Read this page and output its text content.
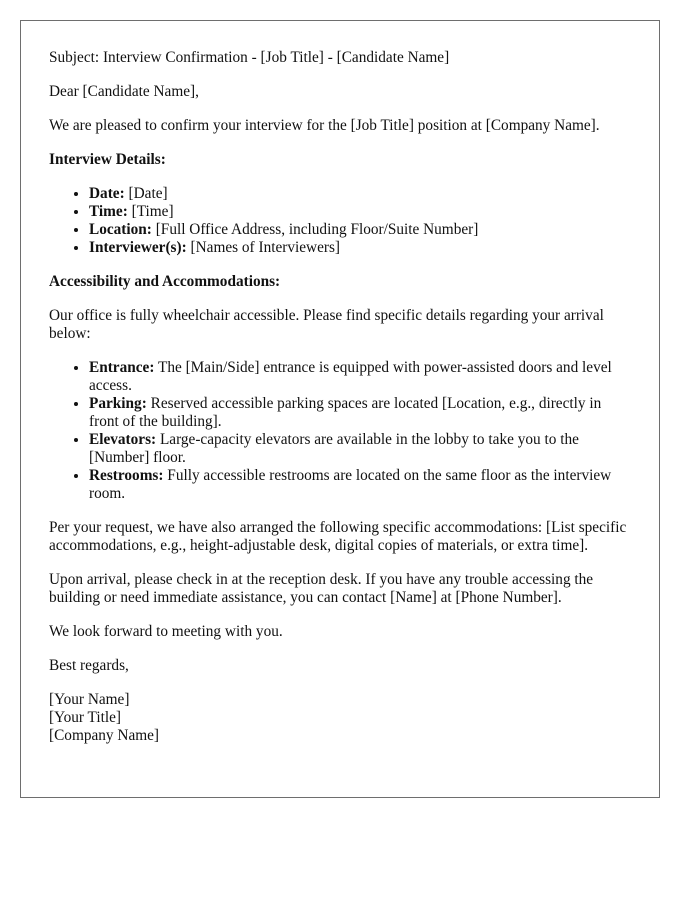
Subject: Interview Confirmation - [Job Title] - [Candidate Name]

Dear [Candidate Name],

We are pleased to confirm your interview for the [Job Title] position at [Company Name].

Interview Details:

• Date: [Date]
• Time: [Time]
• Location: [Full Office Address, including Floor/Suite Number]
• Interviewer(s): [Names of Interviewers]

Accessibility and Accommodations:

Our office is fully wheelchair accessible. Please find specific details regarding your arrival below:

• Entrance: The [Main/Side] entrance is equipped with power-assisted doors and level access.
• Parking: Reserved accessible parking spaces are located [Location, e.g., directly in front of the building].
• Elevators: Large-capacity elevators are available in the lobby to take you to the [Number] floor.
• Restrooms: Fully accessible restrooms are located on the same floor as the interview room.

Per your request, we have also arranged the following specific accommodations: [List specific accommodations, e.g., height-adjustable desk, digital copies of materials, or extra time].

Upon arrival, please check in at the reception desk. If you have any trouble accessing the building or need immediate assistance, you can contact [Name] at [Phone Number].

We look forward to meeting with you.

Best regards,

[Your Name]
[Your Title]
[Company Name]
